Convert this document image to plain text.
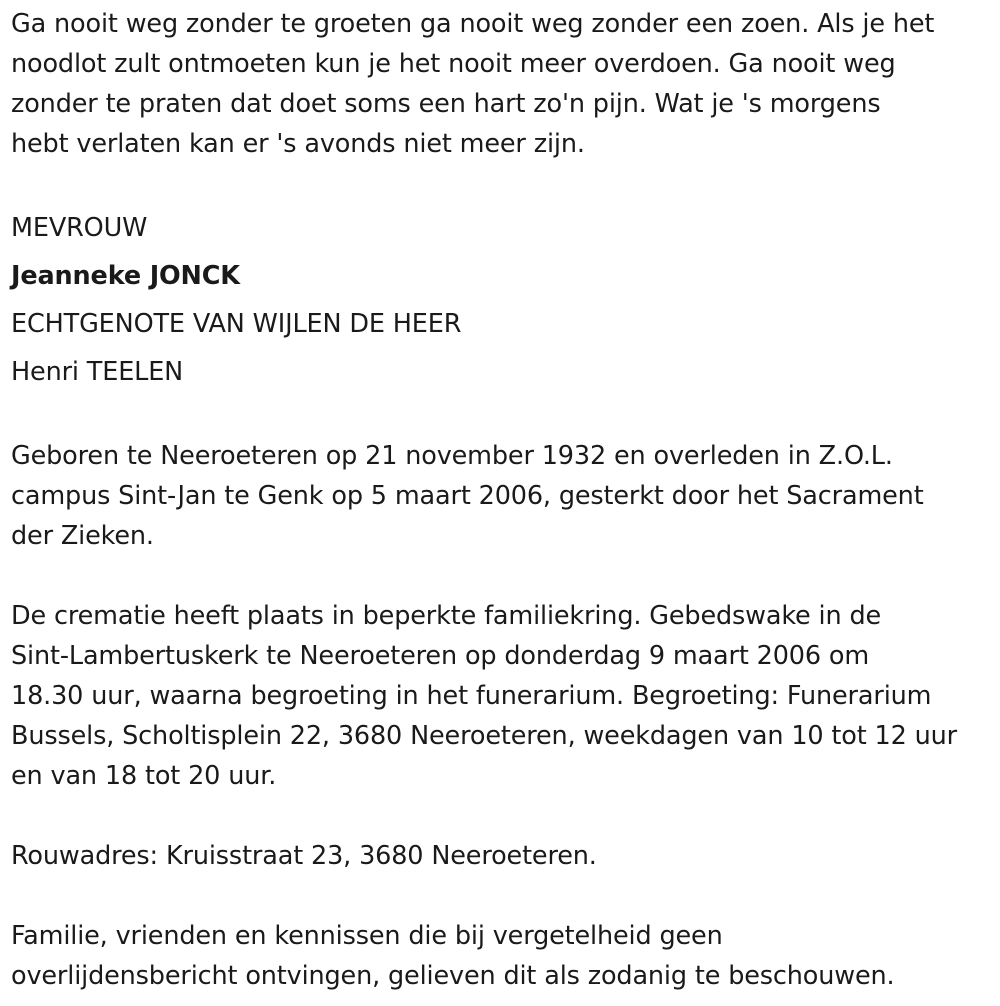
Ga nooit weg zonder te groeten ga nooit weg zonder een zoen. Als je het
noodlot zult ontmoeten kun je het nooit meer overdoen. Ga nooit weg
zonder te praten dat doet soms een hart zo'n pijn. Wat je 's morgens
hebt verlaten kan er 's avonds niet meer zijn.

MEVROUW

Jeanneke JONCK

ECHTGENOTE VAN WIJLEN DE HEER

Henri TEELEN

Geboren te Neeroeteren op 21 november 1932 en overleden in Z.O.L.
campus Sint-Jan te Genk op 5 maart 2006, gesterkt door het Sacrament
der Zieken.

De crematie heeft plaats in beperkte familiekring. Gebedswake in de
Sint-Lambertuskerk te Neeroeteren op donderdag 9 maart 2006 om
18.30 uur, waarna begroeting in het funerarium. Begroeting: Funerarium
Bussels, Scholtisplein 22, 3680 Neeroeteren, weekdagen van 10 tot 12 uur
en van 18 tot 20 uur.

Rouwadres: Kruisstraat 23, 3680 Neeroeteren.

Familie, vrienden en kennissen die bij vergetelheid geen
overlijdensbericht ontvingen, gelieven dit als zodanig te beschouwen.
